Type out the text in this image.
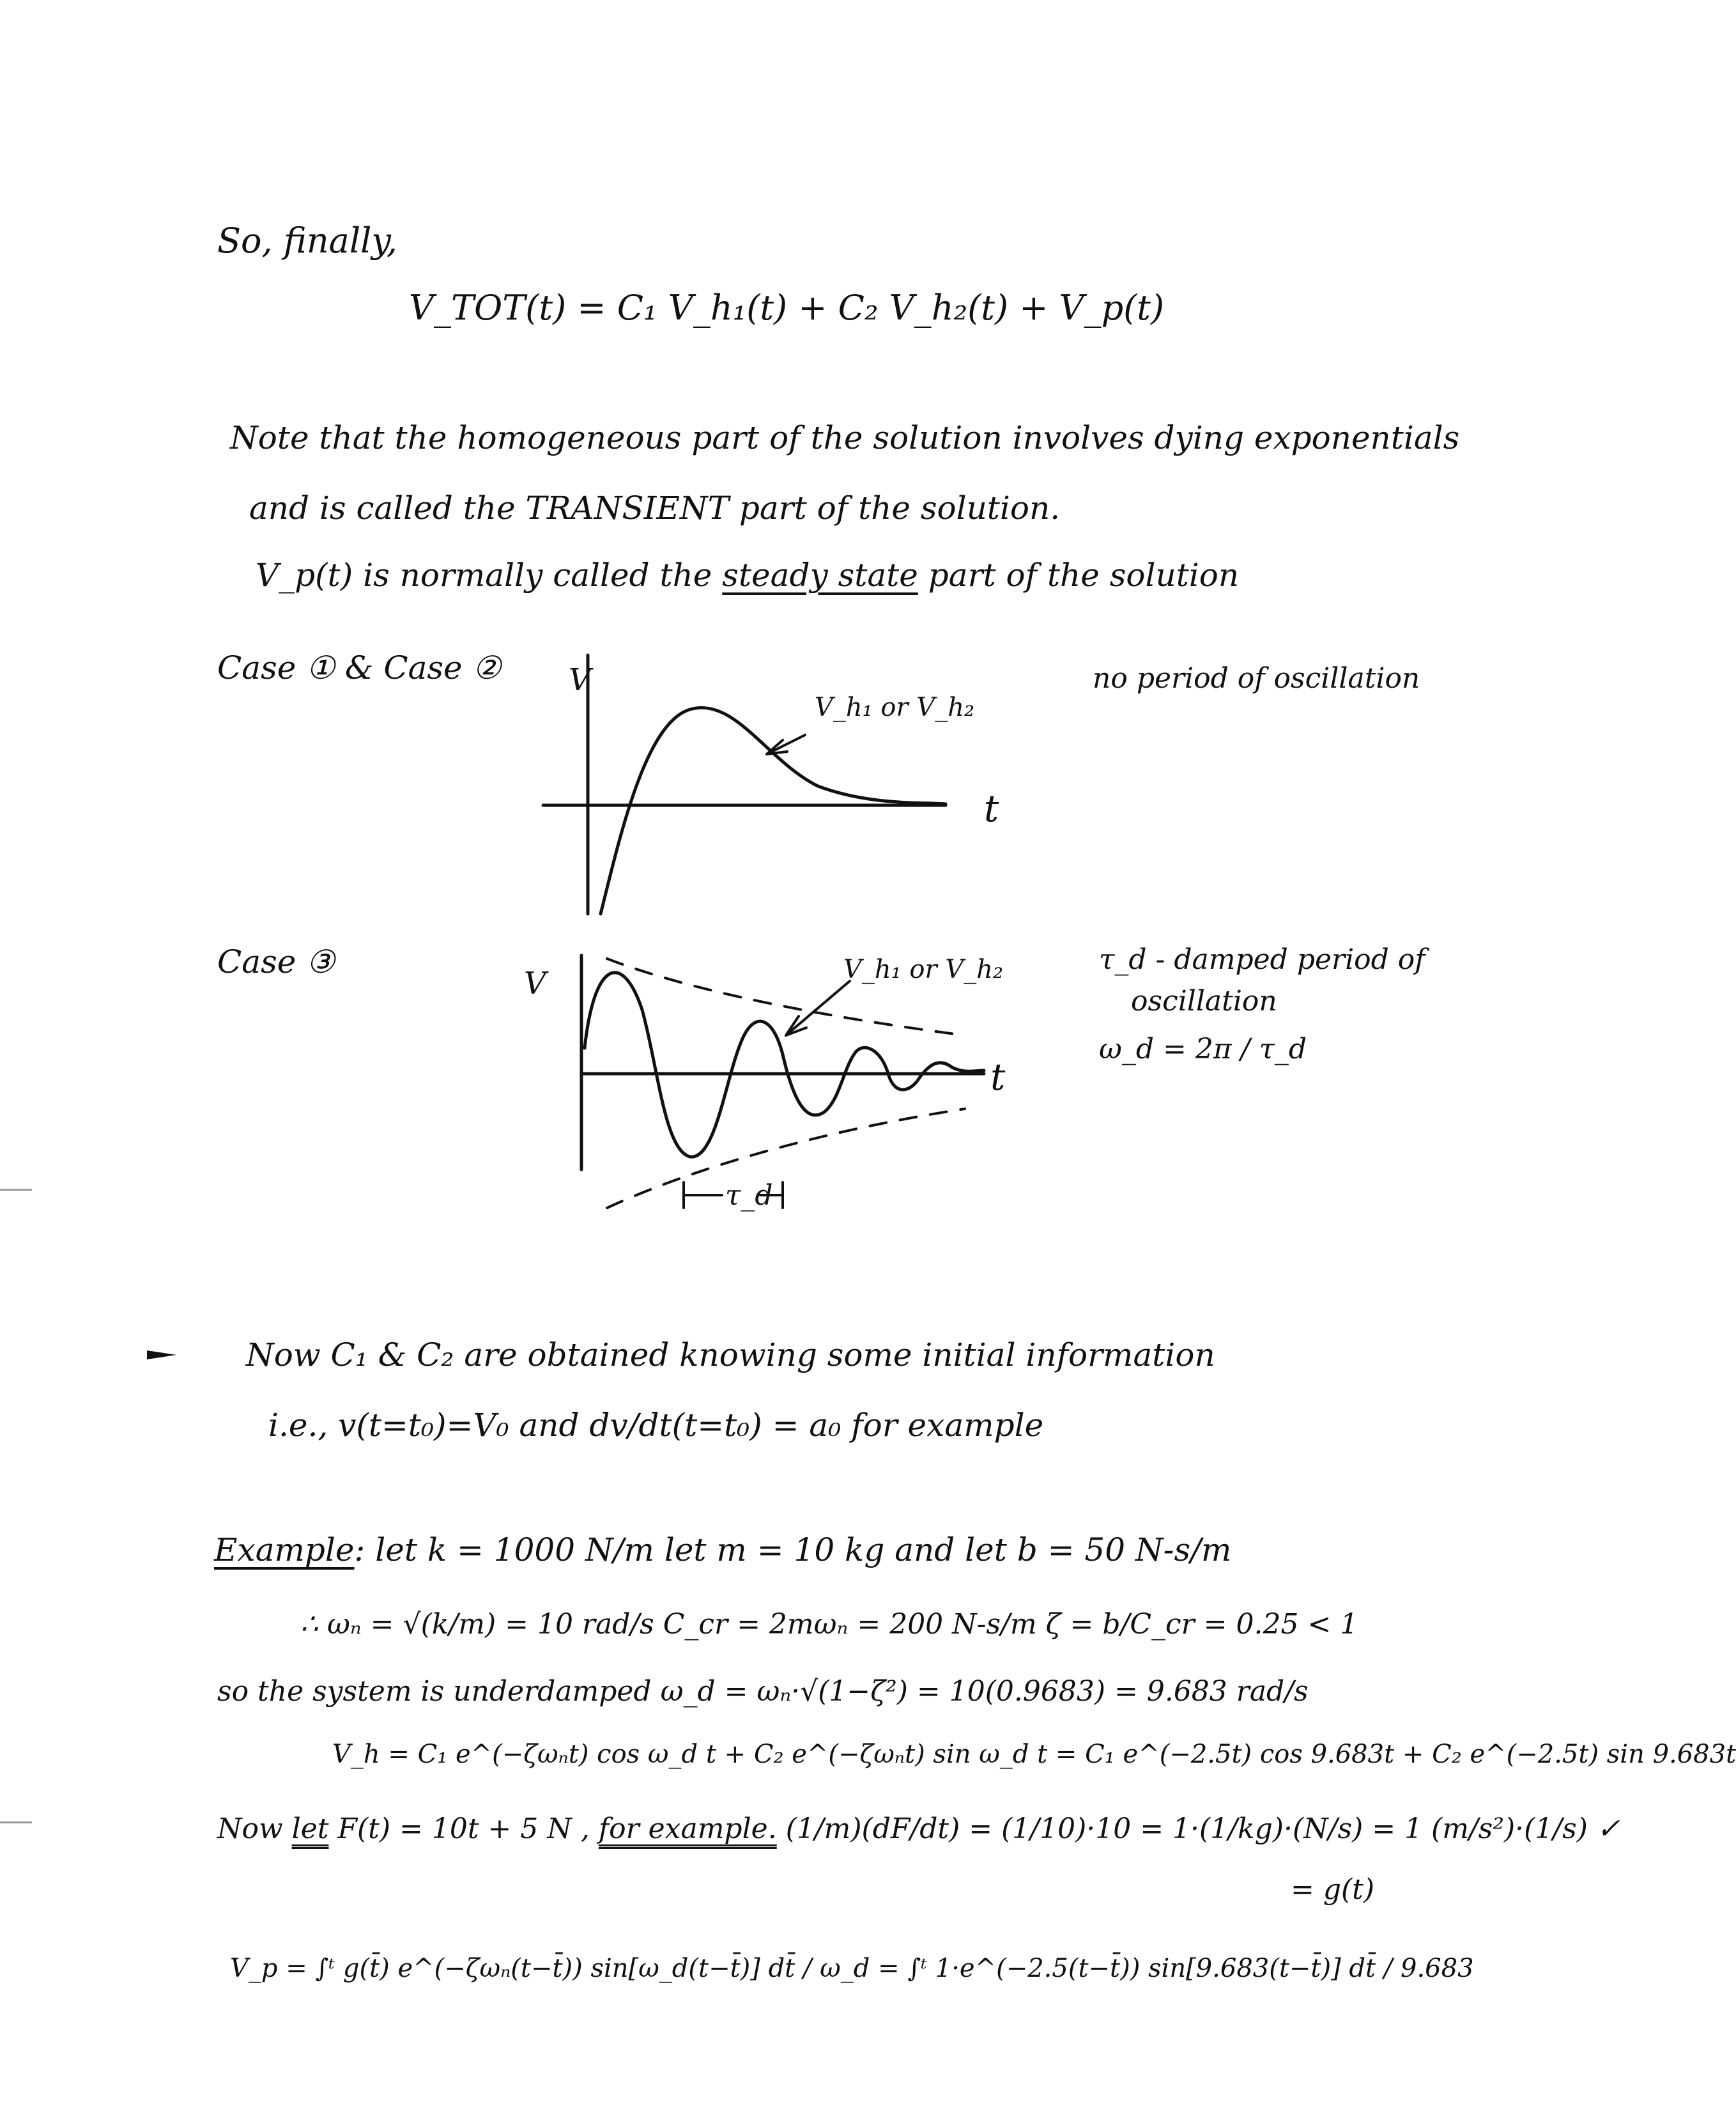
So, finally,
V_TOT(t) = C₁ V_h₁(t) + C₂ V_h₂(t) + V_p(t)
Note that the homogeneous part of the solution involves dying exponentials
and is called the TRANSIENT part of the solution.
V_p(t) is normally called the steady state part of the solution
Case ① & Case ②	no period of oscillation
V
t
V_h₁ or V_h₂
Case ③	τ_d - damped period of
oscillation
ω_d = 2π / τ_d
V
t
V_h₁ or V_h₂
τ_d
Now C₁ & C₂ are obtained knowing some initial information
i.e., v(t=t₀)=V₀ and dv/dt(t=t₀) = a₀ for example
Example: let k = 1000 N/m let m = 10 kg and let b = 50 N-s/m
∴ ωₙ = √(k/m) = 10 rad/s C_cr = 2mωₙ = 200 N-s/m ζ = b/C_cr = 0.25 < 1
so the system is underdamped ω_d = ωₙ·√(1−ζ²) = 10(0.9683) = 9.683 rad/s
V_h = C₁ e^(−ζωₙt) cos ω_d t + C₂ e^(−ζωₙt) sin ω_d t = C₁ e^(−2.5t) cos 9.683t + C₂ e^(−2.5t) sin 9.683t
Now let F(t) = 10t + 5 N , for example. (1/m)(dF/dt) = (1/10)·10 = 1·(1/kg)·(N/s) = 1 (m/s²)·(1/s) ✓
= g(t)
V_p = ∫ᵗ g(t̄) e^(−ζωₙ(t−t̄)) sin[ω_d(t−t̄)] dt̄ / ω_d = ∫ᵗ 1·e^(−2.5(t−t̄)) sin[9.683(t−t̄)] dt̄ / 9.683
